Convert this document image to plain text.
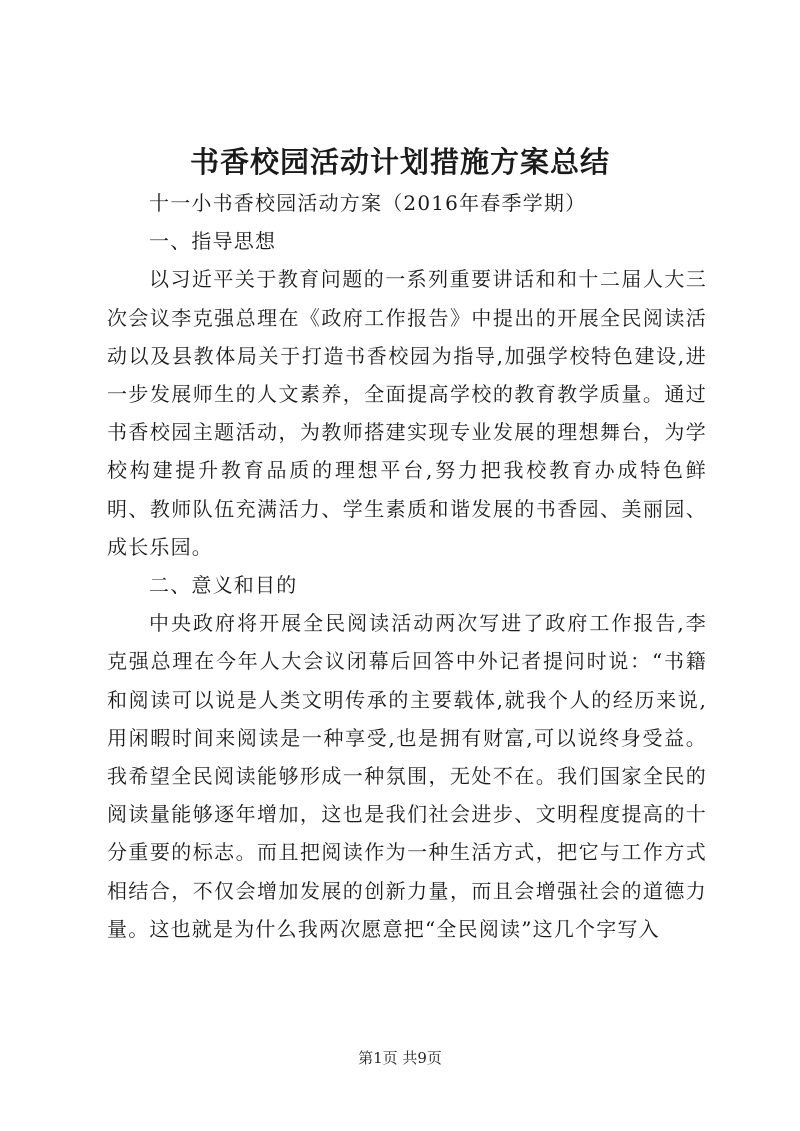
书香校园活动计划措施方案总结

十一小书香校园活动方案（2016年春季学期）

一、指导思想

以习近平关于教育问题的一系列重要讲话和和十二届人大三次会议李克强总理在《政府工作报告》中提出的开展全民阅读活动以及县教体局关于打造书香校园为指导,加强学校特色建设,进一步发展师生的人文素养，全面提高学校的教育教学质量。通过书香校园主题活动，为教师搭建实现专业发展的理想舞台，为学校构建提升教育品质的理想平台,努力把我校教育办成特色鲜明、教师队伍充满活力、学生素质和谐发展的书香园、美丽园、成长乐园。

二、意义和目的

中央政府将开展全民阅读活动两次写进了政府工作报告,李克强总理在今年人大会议闭幕后回答中外记者提问时说：“书籍和阅读可以说是人类文明传承的主要载体,就我个人的经历来说,用闲暇时间来阅读是一种享受,也是拥有财富,可以说终身受益。我希望全民阅读能够形成一种氛围，无处不在。我们国家全民的阅读量能够逐年增加，这也是我们社会进步、文明程度提高的十分重要的标志。而且把阅读作为一种生活方式，把它与工作方式相结合，不仅会增加发展的创新力量，而且会增强社会的道德力量。这也就是为什么我两次愿意把“全民阅读”这几个字写入

第1页 共9页
